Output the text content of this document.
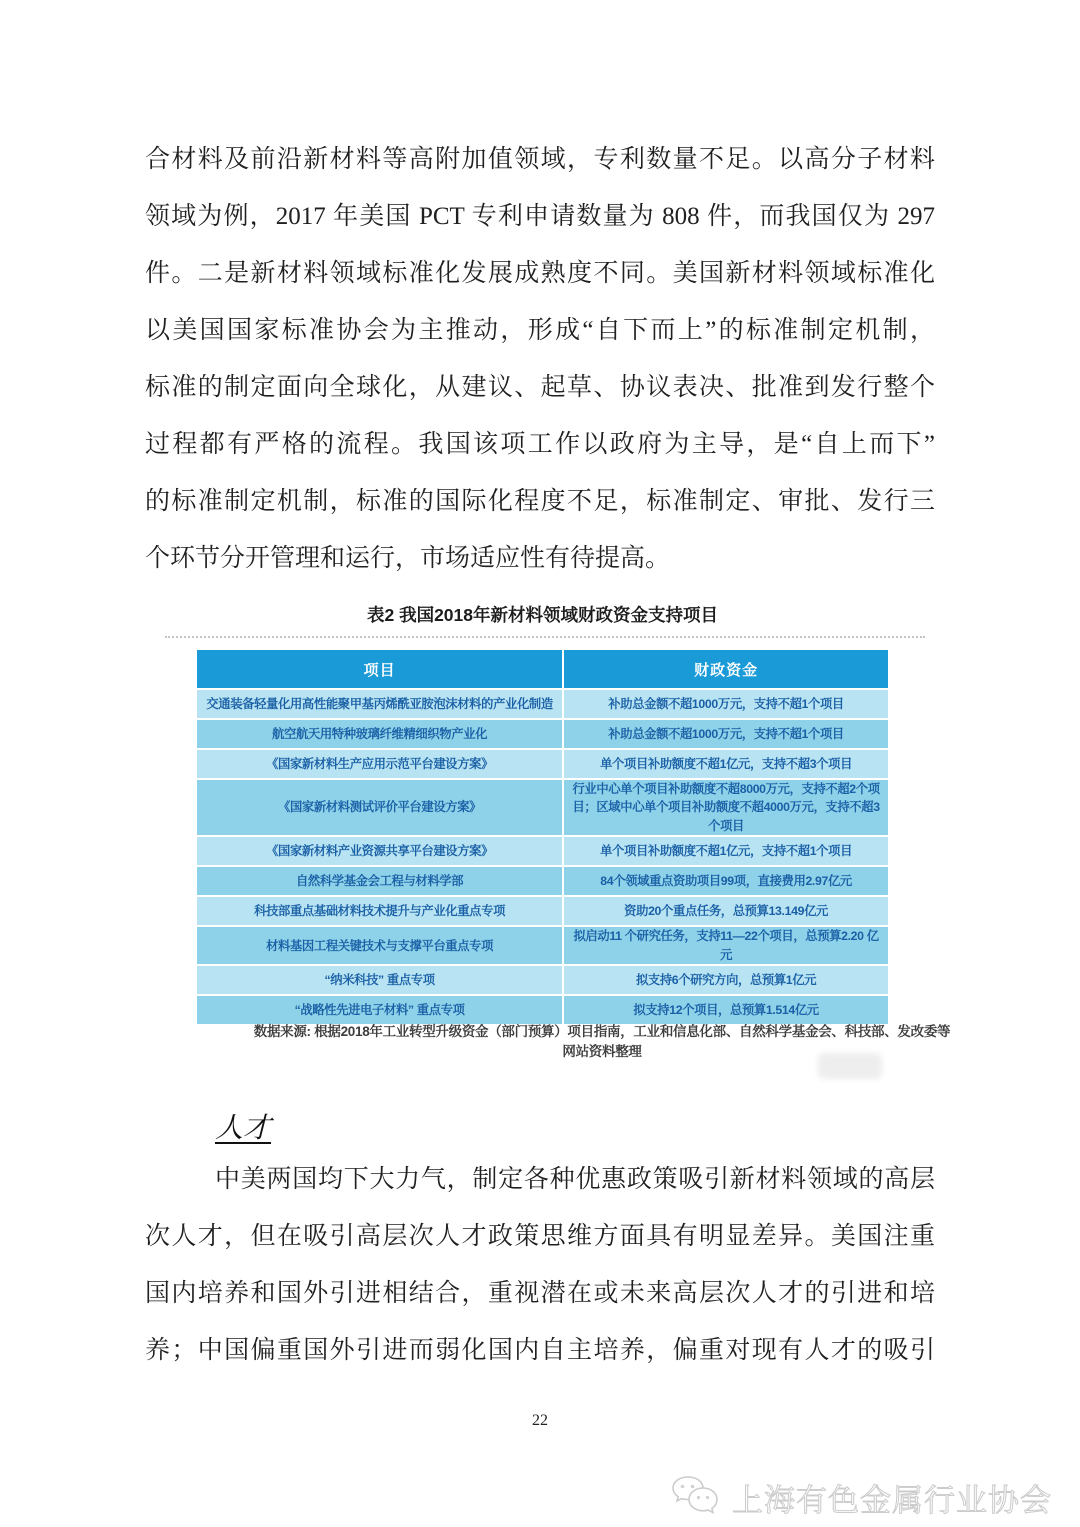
合材料及前沿新材料等高附加值领域，专利数量不足。以高分子材料
领域为例，2017 年美国 PCT 专利申请数量为 808 件，而我国仅为 297
件。二是新材料领域标准化发展成熟度不同。美国新材料领域标准化
以美国国家标准协会为主推动，形成“自下而上”的标准制定机制，
标准的制定面向全球化，从建议、起草、协议表决、批准到发行整个
过程都有严格的流程。我国该项工作以政府为主导，是“自上而下”
的标准制定机制，标准的国际化程度不足，标准制定、审批、发行三
个环节分开管理和运行，市场适应性有待提高。
表2 我国2018年新材料领域财政资金支持项目
项目	财政资金
交通装备轻量化用高性能聚甲基丙烯酰亚胺泡沫材料的产业化制造	补助总金额不超1000万元，支持不超1个项目
航空航天用特种玻璃纤维精细织物产业化	补助总金额不超1000万元，支持不超1个项目
《国家新材料生产应用示范平台建设方案》	单个项目补助额度不超1亿元，支持不超3个项目
《国家新材料测试评价平台建设方案》	行业中心单个项目补助额度不超8000万元，支持不超2个项目；区域中心单个项目补助额度不超4000万元，支持不超3个项目
《国家新材料产业资源共享平台建设方案》	单个项目补助额度不超1亿元，支持不超1个项目
自然科学基金会工程与材料学部	84个领域重点资助项目99项，直接费用2.97亿元
科技部重点基础材料技术提升与产业化重点专项	资助20个重点任务，总预算13.149亿元
材料基因工程关键技术与支撑平台重点专项	拟启动11 个研究任务，支持11—22个项目，总预算2.20 亿元
“纳米科技” 重点专项	拟支持6个研究方向，总预算1亿元
“战略性先进电子材料” 重点专项	拟支持12个项目，总预算1.514亿元
数据来源: 根据2018年工业转型升级资金（部门预算）项目指南，工业和信息化部、自然科学基金会、科技部、发改委等网站资料整理
人才
中美两国均下大力气，制定各种优惠政策吸引新材料领域的高层
次人才，但在吸引高层次人才政策思维方面具有明显差异。美国注重
国内培养和国外引进相结合，重视潜在或未来高层次人才的引进和培
养；中国偏重国外引进而弱化国内自主培养，偏重对现有人才的吸引
22
上海有色金属行业协会
